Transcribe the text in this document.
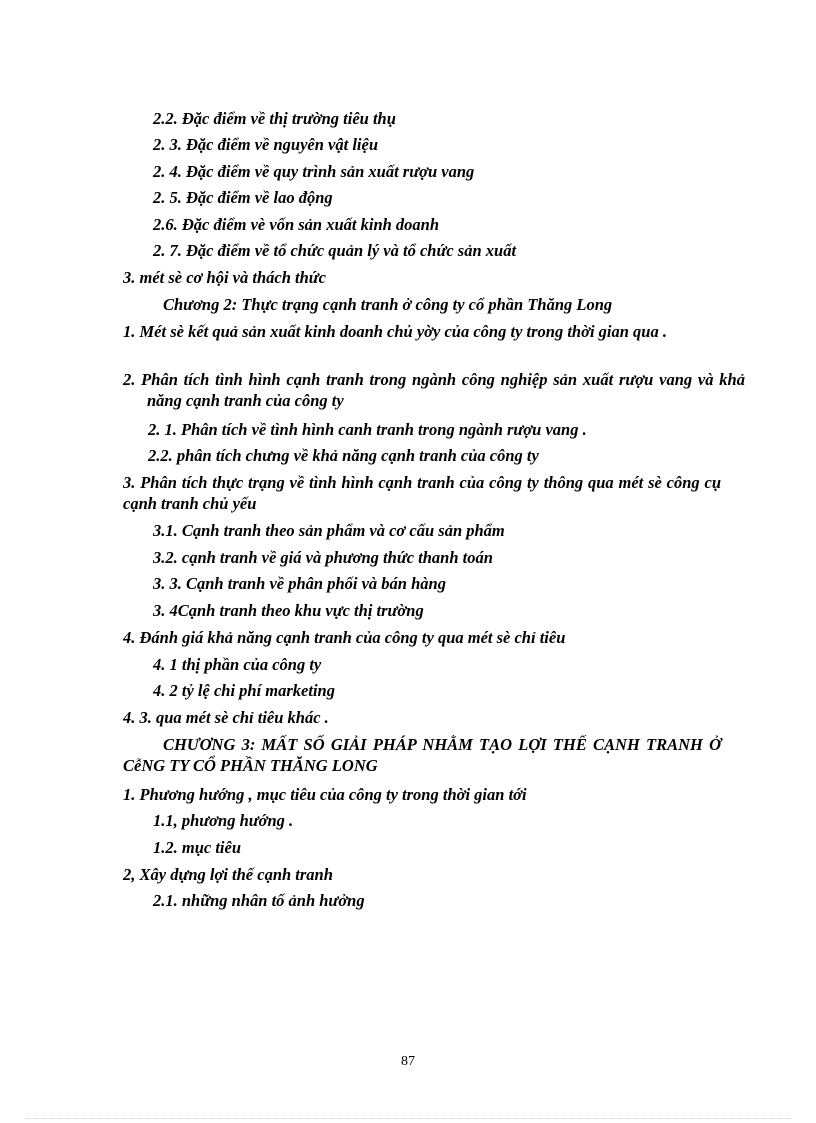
2.2. Đặc điểm về thị trường tiêu thụ
2. 3. Đặc điểm về nguyên vật liệu
2. 4. Đặc điểm về quy trình sản xuất rượu vang
2. 5. Đặc điểm về lao động
2.6. Đặc điểm vè vốn sản xuất kinh doanh
2. 7. Đặc điểm về tổ chức quản lý và tổ chức sản xuất
3. mét sè cơ hội và thách thức
Chương 2: Thực trạng cạnh tranh ở công ty cổ phần Thăng Long
1. Mét sè kết quả sản xuất kinh doanh chủ yờy của công ty trong thời gian qua .
2. Phân tích tình hình cạnh tranh trong ngành công nghiệp sản xuất rượu vang và khả năng cạnh tranh của công ty
2. 1. Phân tích về tình hình canh tranh trong ngành rượu vang .
2.2. phân tích chưng về khả năng cạnh tranh của công ty
3. Phân tích thực trạng về tình hình cạnh tranh của công ty thông qua mét sè công cụ cạnh tranh chủ yếu
3.1. Cạnh tranh theo sản phẩm và cơ cấu sản phẩm
3.2. cạnh tranh về giá và phương thức thanh toán
3. 3. Cạnh tranh về phân phối và bán hàng
3. 4Cạnh tranh theo khu vực thị trường
4. Đánh giá khả năng cạnh tranh của công ty qua mét sè chỉ tiêu
4. 1 thị phần của công ty
4. 2 tỷ lệ chi phí marketing
4. 3. qua mét sè chỉ tiêu khác .
CHƯƠNG 3: MẤT SỐ GIẢI PHÁP NHẰM TẠO LỢI THẾ CẠNH TRANH Ở CễNG TY CỔ PHẦN THĂNG LONG
1. Phương hướng , mục tiêu của công ty trong thời gian tới
1.1, phương hướng .
1.2. mục tiêu
2, Xây dựng lợi thế cạnh tranh
2.1. những nhân tố ảnh hưởng
87
